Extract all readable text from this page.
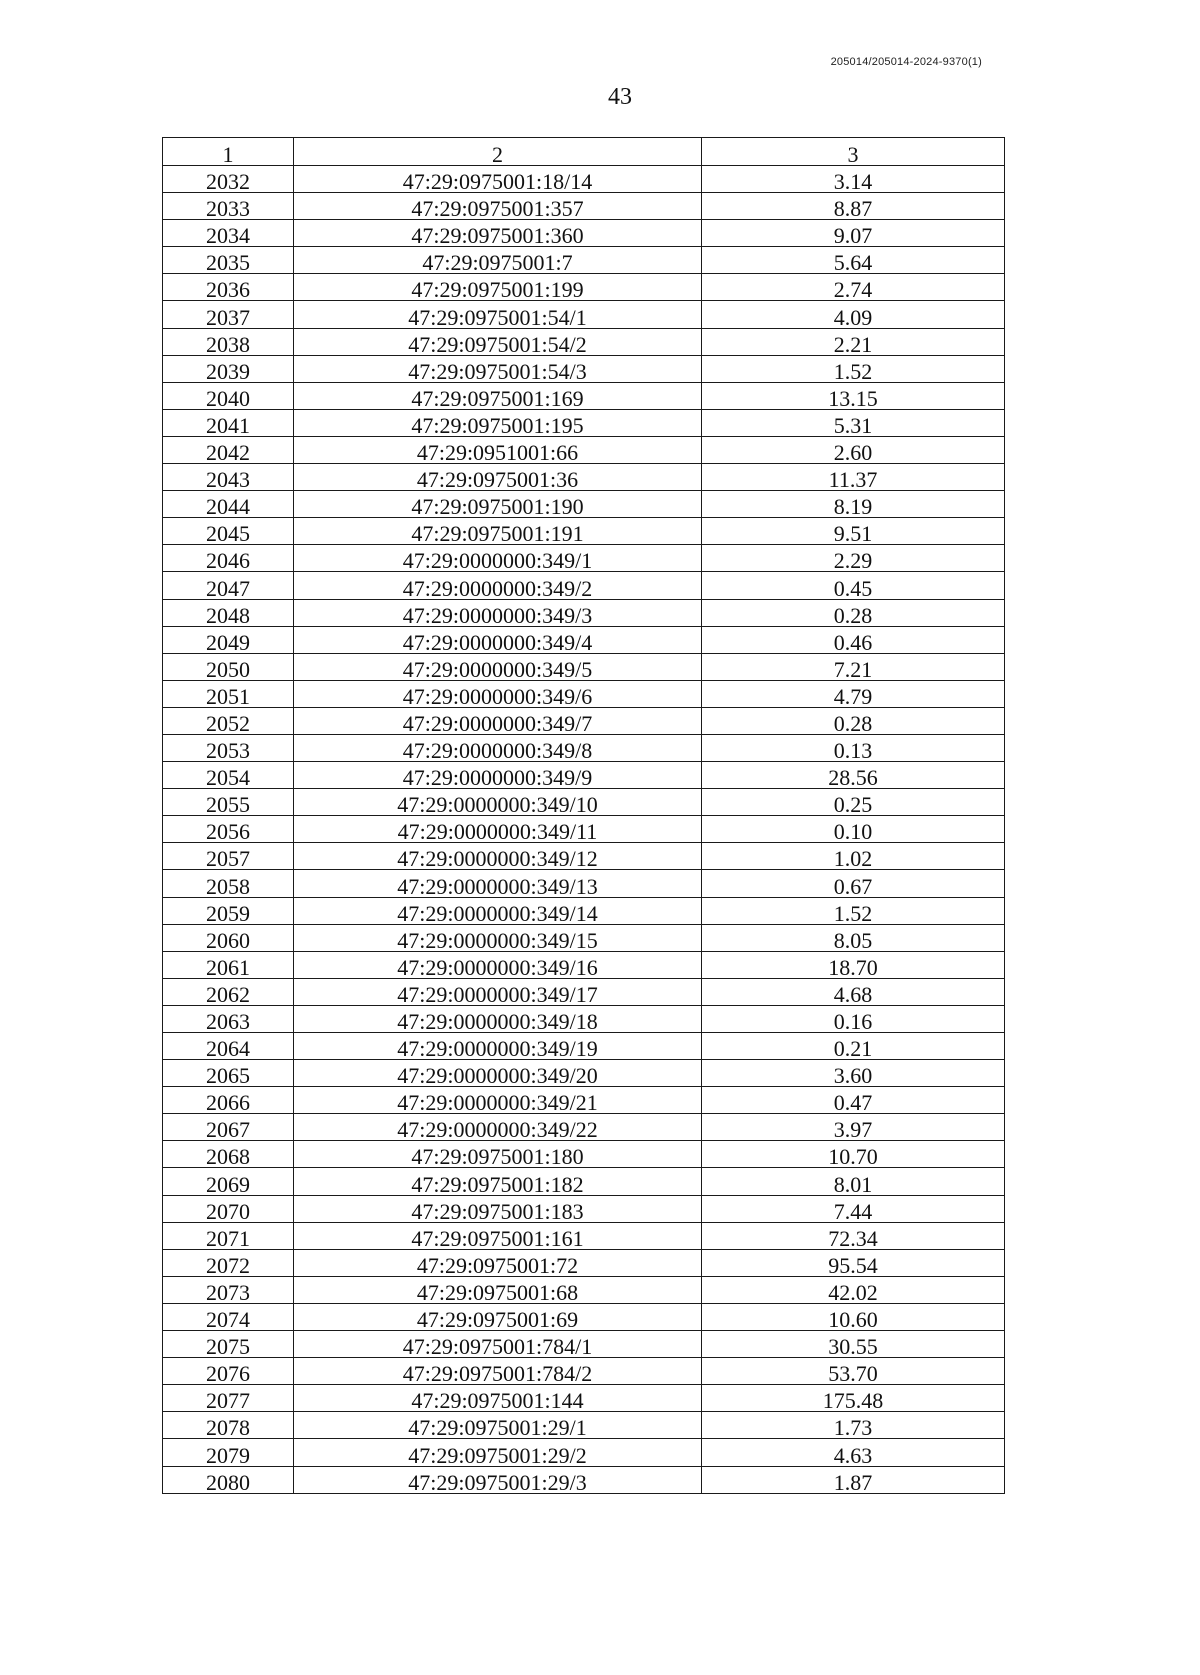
205014/205014-2024-9370(1)
43
1	2	3
2032	47:29:0975001:18/14	3.14
2033	47:29:0975001:357	8.87
2034	47:29:0975001:360	9.07
2035	47:29:0975001:7	5.64
2036	47:29:0975001:199	2.74
2037	47:29:0975001:54/1	4.09
2038	47:29:0975001:54/2	2.21
2039	47:29:0975001:54/3	1.52
2040	47:29:0975001:169	13.15
2041	47:29:0975001:195	5.31
2042	47:29:0951001:66	2.60
2043	47:29:0975001:36	11.37
2044	47:29:0975001:190	8.19
2045	47:29:0975001:191	9.51
2046	47:29:0000000:349/1	2.29
2047	47:29:0000000:349/2	0.45
2048	47:29:0000000:349/3	0.28
2049	47:29:0000000:349/4	0.46
2050	47:29:0000000:349/5	7.21
2051	47:29:0000000:349/6	4.79
2052	47:29:0000000:349/7	0.28
2053	47:29:0000000:349/8	0.13
2054	47:29:0000000:349/9	28.56
2055	47:29:0000000:349/10	0.25
2056	47:29:0000000:349/11	0.10
2057	47:29:0000000:349/12	1.02
2058	47:29:0000000:349/13	0.67
2059	47:29:0000000:349/14	1.52
2060	47:29:0000000:349/15	8.05
2061	47:29:0000000:349/16	18.70
2062	47:29:0000000:349/17	4.68
2063	47:29:0000000:349/18	0.16
2064	47:29:0000000:349/19	0.21
2065	47:29:0000000:349/20	3.60
2066	47:29:0000000:349/21	0.47
2067	47:29:0000000:349/22	3.97
2068	47:29:0975001:180	10.70
2069	47:29:0975001:182	8.01
2070	47:29:0975001:183	7.44
2071	47:29:0975001:161	72.34
2072	47:29:0975001:72	95.54
2073	47:29:0975001:68	42.02
2074	47:29:0975001:69	10.60
2075	47:29:0975001:784/1	30.55
2076	47:29:0975001:784/2	53.70
2077	47:29:0975001:144	175.48
2078	47:29:0975001:29/1	1.73
2079	47:29:0975001:29/2	4.63
2080	47:29:0975001:29/3	1.87
